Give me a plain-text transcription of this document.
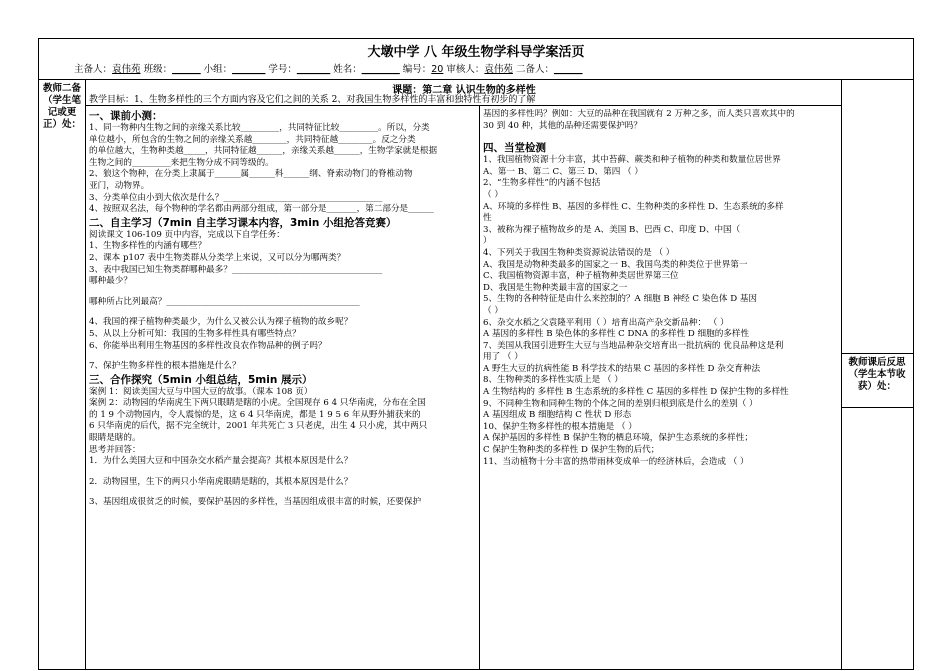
大墩中学 八 年级生物学科导学案活页
主备人：袁伟苑 班级：______ 小组：_______ 学号：_______ 姓名：________ 编号：20 审核人：袁伟苑 二备人：______
教师二备（学生笔记或更正）处：
教师课后反思（学生本节收获）处：
课题：第二章 认识生物的多样性
教学目标：1、生物多样性的三个方面内容及它们之间的关系 2、对我国生物多样性的丰富和独特性有初步的了解

一、课前小测：

1、同一物种内生物之间的亲缘关系比较_________，共同特征比较_________。所以，分类

单位越小，所包含的生物之间的亲缘关系越________，共同特征越________。反之分类

的单位越大，生物种类越_____，共同特征越______，亲缘关系越______，生物学家就是根据

生物之间的_________来把生物分成不同等级的。

2、狼这个物种，在分类上隶属于______属______科______纲、脊索动物门的脊椎动物

亚门，动物界。

3、分类单位由小到大依次是什么？_____________________________________

4、按照双名法，每个物种的学名都由两部分组成，第一部分是_______，第二部分是______

二、自主学习（7min 自主学习课本内容，3min 小组抢答竞赛）

阅读课文 106-109 页中内容，完成以下自学任务：

1、生物多样性的内涵有哪些？

2、课本 p107 表中生物类群从分类学上来说，又可以分为哪两类？

3、表中我国已知生物类群哪种最多？___________________________________

哪种最少？

哪种所占比列最高？_____________________________________________

4、我国的裸子植物种类最少，为什么又被公认为裸子植物的故乡呢？

5、从以上分析可知：我国的生物多样性具有哪些特点？

6、你能举出利用生物基因的多样性改良农作物品种的例子吗？

7、保护生物多样性的根本措施是什么？

三、合作探究（5min 小组总结，5min 展示）

案例 1：阅读美国大豆与中国大豆的故事。（课本 108 页）

案例 2：动物园的华南虎生下两只眼睛是瞎的小虎。全国现存 6 4 只华南虎，分布在全国

的 1 9 个动物园内，令人震惊的是，这 6 4 只华南虎，都是 1 9 5 6 年从野外捕获来的

6 只华南虎的后代，据不完全统计，2001 年共死亡 3 只老虎，出生 4 只小虎，其中两只

眼睛是瞎的。

思考并回答：

1．为什么美国大豆和中国杂交水稻产量会提高？其根本原因是什么？

2．动物园里，生下的两只小华南虎眼睛是瞎的，其根本原因是什么？

3、基因组成很贫乏的时候，要保护基因的多样性，当基因组成很丰富的时候，还要保护

基因的多样性吗？例如：大豆的品种在我国就有 2 万种之多，而人类只喜欢其中的

30 到 40 种，其他的品种还需要保护吗？

四、当堂检测

1、我国植物资源十分丰富，其中苔藓、蕨类和种子植物的种类和数量位居世界

A、第一 B、第二 C、第三 D、第四 （ ）

2、“生物多样性”的内涵不包括

（ ）

A、环境的多样性 B、基因的多样性 C、生物种类的多样性 D、生态系统的多样

性

3、被称为裸子植物故乡的是 A、美国 B、巴西 C、印度 D、中国（

）

4、下列关于我国生物种类资源说法错误的是 （ ）

A、我国是动物种类最多的国家之一 B、我国鸟类的种类位于世界第一

C、我国植物资源丰富，种子植物种类居世界第三位

D、我国是生物种类最丰富的国家之一

5、生物的各种特征是由什么来控制的？A 细胞 B 神经 C 染色体 D 基因

（ ）

6、杂交水稻之父袁隆平利用（ ）培育出高产杂交新品种： （ ）

A 基因的多样性 B 染色体的多样性 C DNA 的多样性 D 细胞的多样性

7、美国从我国引进野生大豆与当地品种杂交培育出一批抗病的 优良品种这是利

用了 （ ）

A 野生大豆的抗病性能 B 科学技术的结果 C 基因的多样性 D 杂交育种法

8、生物种类的多样性实质上是 （ ）

A 生物结构的 多样性 B 生态系统的多样性 C 基因的多样性 D 保护生物的多样性

9、不同种生物和同种生物的个体之间的差别归根到底是什么的差别（ ）

A 基因组成 B 细胞结构 C 性状 D 形态

10、保护生物多样性的根本措施是 （ ）

A 保护基因的多样性 B 保护生物的栖息环境，保护生态系统的多样性；

C 保护生物种类的多样性 D 保护生物的后代；

11、当动植物十分丰富的热带雨林变成单一的经济林后，会造成 （ ）
